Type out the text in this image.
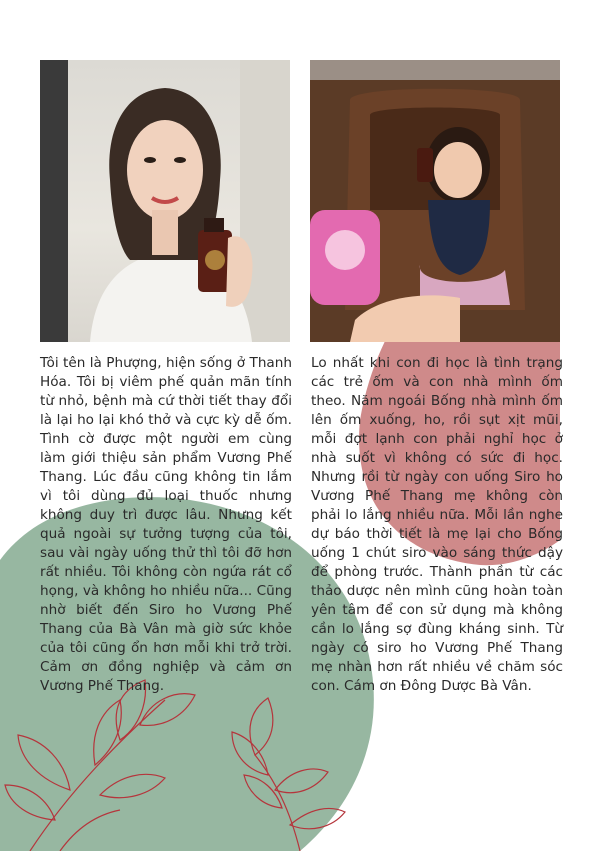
Tôi tên là Phượng, hiện sống ở Thanh Hóa. Tôi bị viêm phế quản mãn tính từ nhỏ, bệnh mà cứ thời tiết thay đổi là lại ho lại khó thở và cực kỳ dễ ốm. Tình cờ được một người em cùng làm giới thiệu sản phẩm Vương Phế Thang. Lúc đầu cũng không tin lắm vì tôi dùng đủ loại thuốc nhưng không duy trì được lâu. Nhưng kết quả ngoài sự tưởng tượng của tôi, sau vài ngày uống thử thì tôi đỡ hơn rất nhiều. Tôi không còn ngứa rát cổ họng, và không ho nhiều nữa... Cũng nhờ biết đến Siro ho Vương Phế Thang của Bà Vân mà giờ sức khỏe của tôi cũng ổn hơn mỗi khi trở trời. Cảm ơn đồng nghiệp và cảm ơn Vương Phế Thang.

Lo nhất khi con đi học là tình trạng các trẻ ốm và con nhà mình ốm theo. Năm ngoái Bống nhà mình ốm lên ốm xuống, ho, rồi sụt xịt mũi, mỗi đợt lạnh con phải nghỉ học ở nhà suốt vì không có sức đi học. Nhưng rồi từ ngày con uống Siro ho Vương Phế Thang mẹ không còn phải lo lắng nhiều nữa. Mỗi lần nghe dự báo thời tiết là mẹ lại cho Bống uống 1 chút siro vào sáng thức dậy để phòng trước. Thành phần từ các thảo dược nên mình cũng hoàn toàn yên tâm để con sử dụng mà không cần lo lắng sợ đùng kháng sinh. Từ ngày có siro ho Vương Phế Thang mẹ nhàn hơn rất nhiều về chăm sóc con. Cám ơn Đông Dược Bà Vân.
